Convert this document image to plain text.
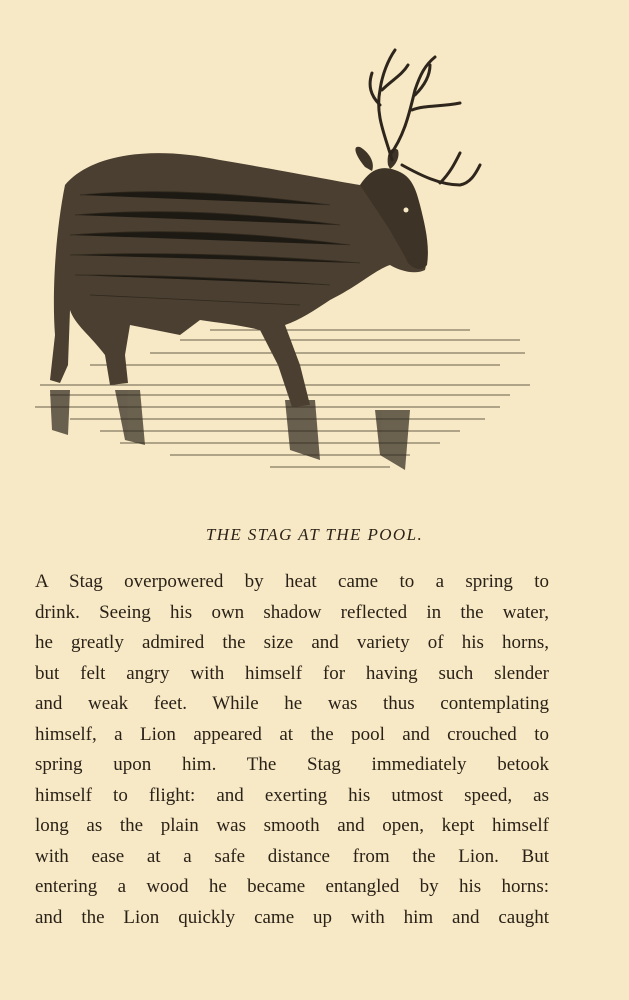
THE STAG AT THE POOL.
A Stag overpowered by heat came to a spring to
drink. Seeing his own shadow reflected in the water,
he greatly admired the size and variety of his horns,
but felt angry with himself for having such slender
and weak feet. While he was thus contemplating
himself, a Lion appeared at the pool and crouched to
spring upon him. The Stag immediately betook
himself to flight: and exerting his utmost speed, as
long as the plain was smooth and open, kept himself
with ease at a safe distance from the Lion. But
entering a wood he became entangled by his horns:
and the Lion quickly came up with him and caught
